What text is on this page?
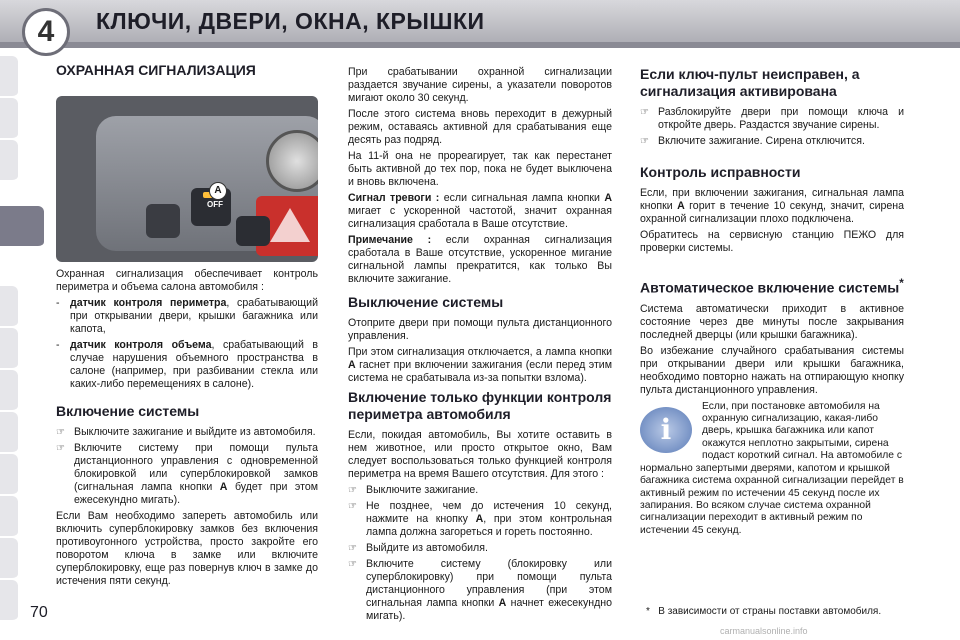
4	КЛЮЧИ, ДВЕРИ, ОКНА, КРЫШКИ
ОХРАННАЯ СИГНАЛИЗАЦИЯ
OFF
A

Охранная сигнализация обеспечивает контроль периметра и объема салона автомобиля :

- датчик контроля периметра, срабатывающий при открывании двери, крышки багажника или капота,
- датчик контроля объема, срабатывающий в случае нарушения объемного пространства в салоне (например, при разбивании стекла или каких-либо перемещениях в салоне).
Включение системы
☞ Выключите зажигание и выйдите из автомобиля.
☞ Включите систему при помощи пульта дистанционного управления с одновременной блокировкой или суперблокировкой замков (сигнальная лампа кнопки A будет при этом ежесекундно мигать).

Если Вам необходимо запереть автомобиль или включить суперблокировку замков без включения противоугонного устройства, просто закройте его поворотом ключа в замке или включите суперблокировку, еще раз повернув ключ в замке до истечения пяти секунд.

При срабатывании охранной сигнализации раздается звучание сирены, а указатели поворотов мигают около 30 секунд.

После этого система вновь переходит в дежурный режим, оставаясь активной для срабатывания еще десять раз подряд.

На 11-й она не прореагирует, так как перестанет быть активной до тех пор, пока не будет выключена и вновь включена.

Сигнал тревоги : если сигнальная лампа кнопки A мигает с ускоренной частотой, значит охранная сигнализация сработала в Ваше отсутствие.

Примечание : если охранная сигнализация сработала в Ваше отсутствие, ускоренное мигание сигнальной лампы прекратится, как только Вы включите зажигание.

Выключение системы

Отоприте двери при помощи пульта дистанционного управления.

При этом сигнализация отключается, а лампа кнопки A гаснет при включении зажигания (если перед этим система не срабатывала из-за попытки взлома).

Включение только функции контроля периметра автомобиля

Если, покидая автомобиль, Вы хотите оставить в нем животное, или просто открытое окно, Вам следует воспользоваться только функцией контроля периметра на время Вашего отсутствия. Для этого :

☞ Выключите зажигание.
☞ Не позднее, чем до истечения 10 секунд, нажмите на кнопку A, при этом контрольная лампа должна загореться и гореть постоянно.
☞ Выйдите из автомобиля.
☞ Включите систему (блокировку или суперблокировку) при помощи пульта дистанционного управления (при этом сигнальная лампа кнопки A начнет ежесекундно мигать).
Если ключ-пульт неисправен, а сигнализация активирована
☞ Разблокируйте двери при помощи ключа и откройте дверь. Раздастся звучание сирены.
☞ Включите зажигание. Сирена отключится.
Контроль исправности

Если, при включении зажигания, сигнальная лампа кнопки A горит в течение 10 секунд, значит, сирена охранной сигнализации плохо подключена.

Обратитесь на сервисную станцию ПЕЖО для проверки системы.

Автоматическое включение системы*

Система автоматически приходит в активное состояние через две минуты после закрывания последней дверцы (или крышки багажника).

Во избежание случайного срабатывания системы при открывании двери или крышки багажника, необходимо повторно нажать на отпирающую кнопку пульта дистанционного управления.

i
Если, при постановке автомобиля на охранную сигнализацию, какая-либо дверь, крышка багажника или капот окажутся неплотно закрытыми, сирена подаст короткий сигнал. На автомобиле с нормально запертыми дверями, капотом и крышкой багажника система охранной сигнализации перейдет в активный режим по истечении 45 секунд после их запирания. Во всяком случае система охранной сигнализации переходит в активный режим по истечении 45 секунд.
70	* В зависимости от страны поставки автомобиля.
carmanualsonline.info
